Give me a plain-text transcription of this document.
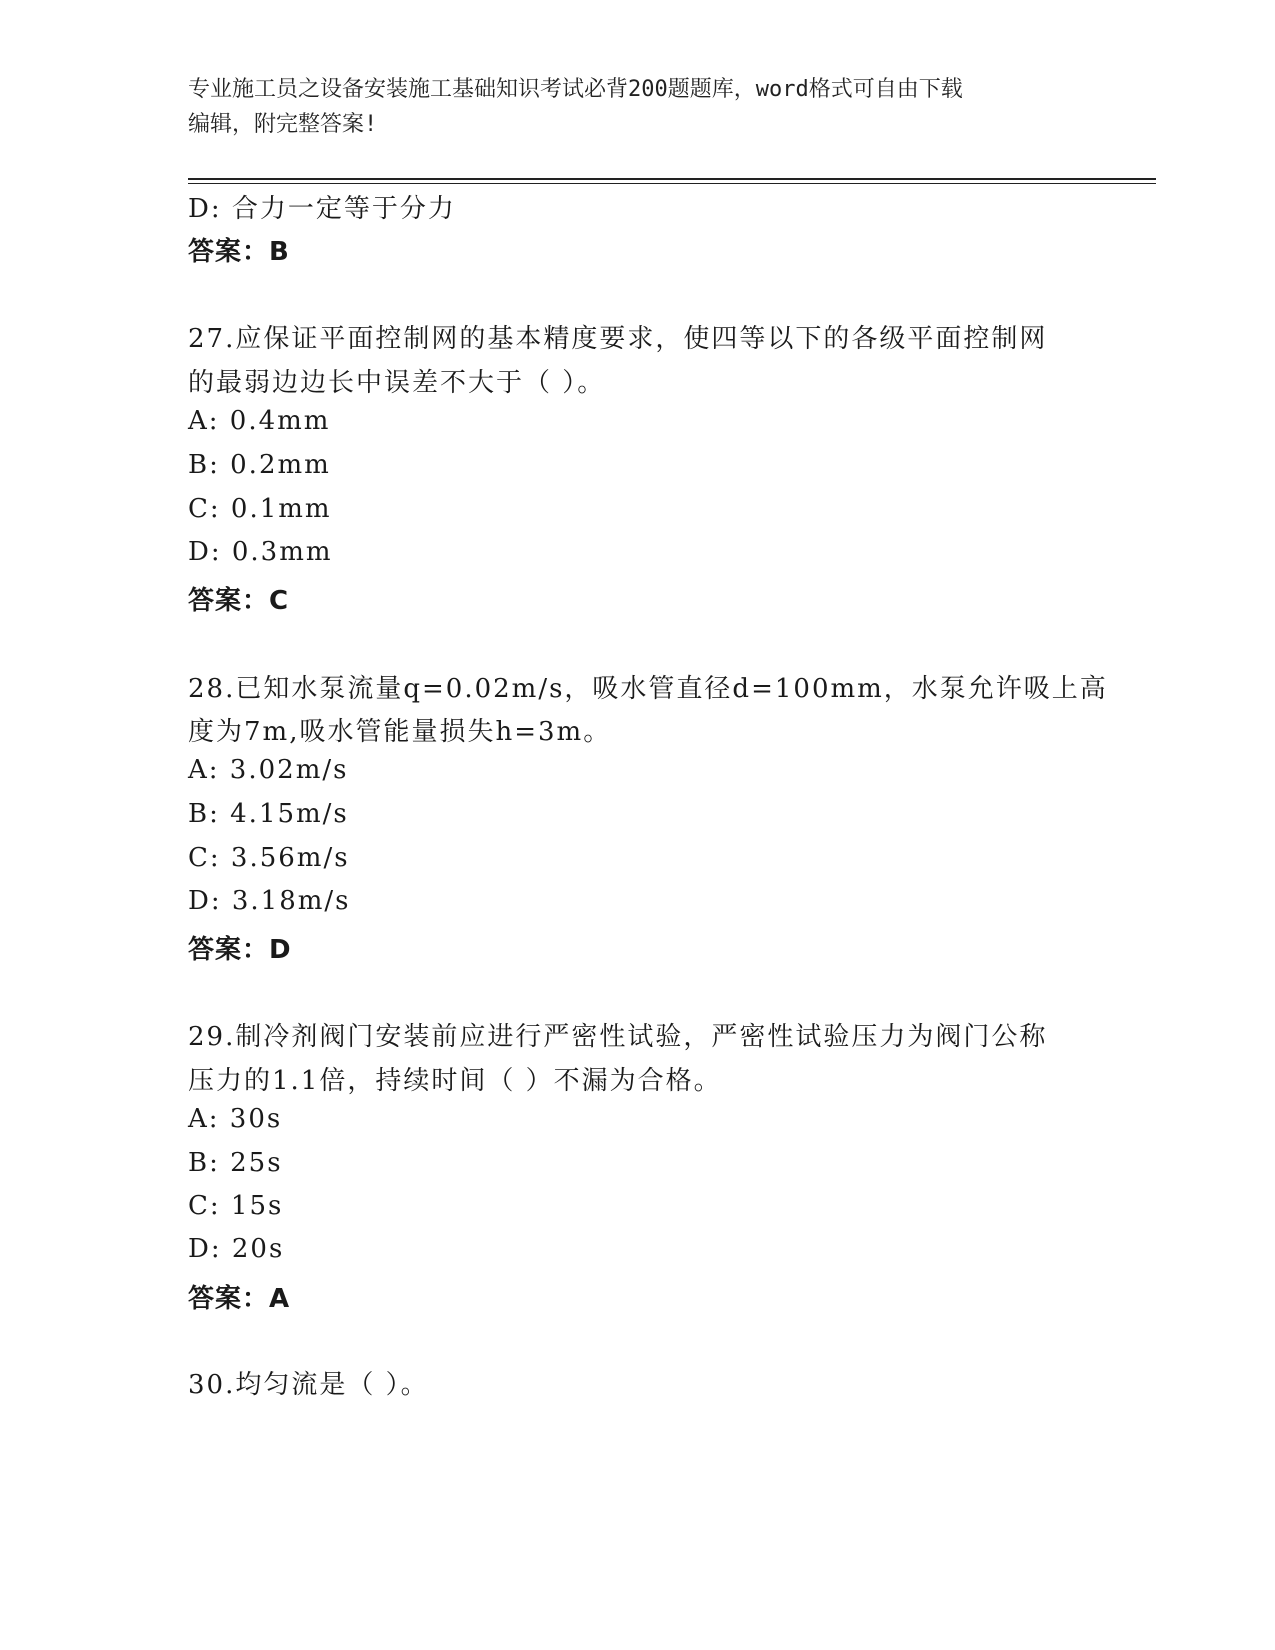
专业施工员之设备安装施工基础知识考试必背200题题库，word格式可自由下载
编辑，附完整答案!
D: 合力一定等于分力
答案：B
27.应保证平面控制网的基本精度要求，使四等以下的各级平面控制网
的最弱边边长中误差不大于（ ）。
A: 0.4mm
B: 0.2mm
C: 0.1mm
D: 0.3mm
答案：C
28.已知水泵流量q=0.02m/s，吸水管直径d=100mm，水泵允许吸上高
度为7m,吸水管能量损失h=3m。
A: 3.02m/s
B: 4.15m/s
C: 3.56m/s
D: 3.18m/s
答案：D
29.制冷剂阀门安装前应进行严密性试验，严密性试验压力为阀门公称
压力的1.1倍，持续时间（ ）不漏为合格。
A: 30s
B: 25s
C: 15s
D: 20s
答案：A
30.均匀流是（ ）。
